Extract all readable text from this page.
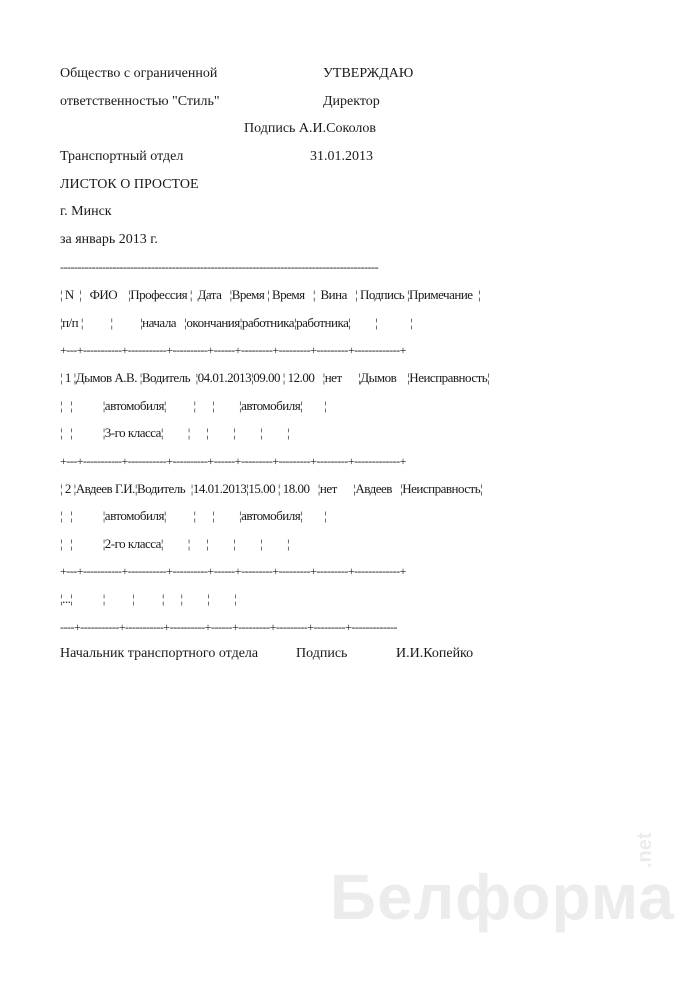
Общество с ограниченной
ответственностью "Стиль"
УТВЕРЖДАЮ
Директор
Подпись А.И.Соколов
Транспортный отдел	31.01.2013
ЛИСТОК О ПРОСТОЕ
г. Минск
за январь 2013 г.
-------------------------------------------------------------------------------------------
¦ N  ¦   ФИО    ¦Профессия ¦  Дата   ¦Время ¦ Время   ¦  Вина   ¦ Подпись ¦Примечание  ¦
¦п/п ¦          ¦          ¦начала   ¦окончания¦работника¦работника¦         ¦            ¦
+---+-----------+-----------+----------+------+---------+---------+---------+-------------+
¦ 1 ¦Дымов А.В. ¦Водитель  ¦04.01.2013¦09.00 ¦ 12.00   ¦нет      ¦Дымов    ¦Неисправность¦
¦   ¦           ¦автомобиля¦          ¦      ¦         ¦автомобиля¦        ¦
¦   ¦           ¦3-го класса¦         ¦      ¦         ¦         ¦         ¦
+---+-----------+-----------+----------+------+---------+---------+---------+-------------+
¦ 2 ¦Авдеев Г.И.¦Водитель  ¦14.01.2013¦15.00 ¦ 18.00   ¦нет      ¦Авдеев   ¦Неисправность¦
¦   ¦           ¦автомобиля¦          ¦      ¦         ¦автомобиля¦        ¦
¦   ¦           ¦2-го класса¦         ¦      ¦         ¦         ¦         ¦
+---+-----------+-----------+----------+------+---------+---------+---------+-------------+
¦...¦           ¦          ¦          ¦      ¦         ¦         ¦
----+-----------+-----------+----------+------+---------+---------+---------+-------------
Начальник транспортного отдела	Подпись	И.И.Копейко
Белформа
.net
